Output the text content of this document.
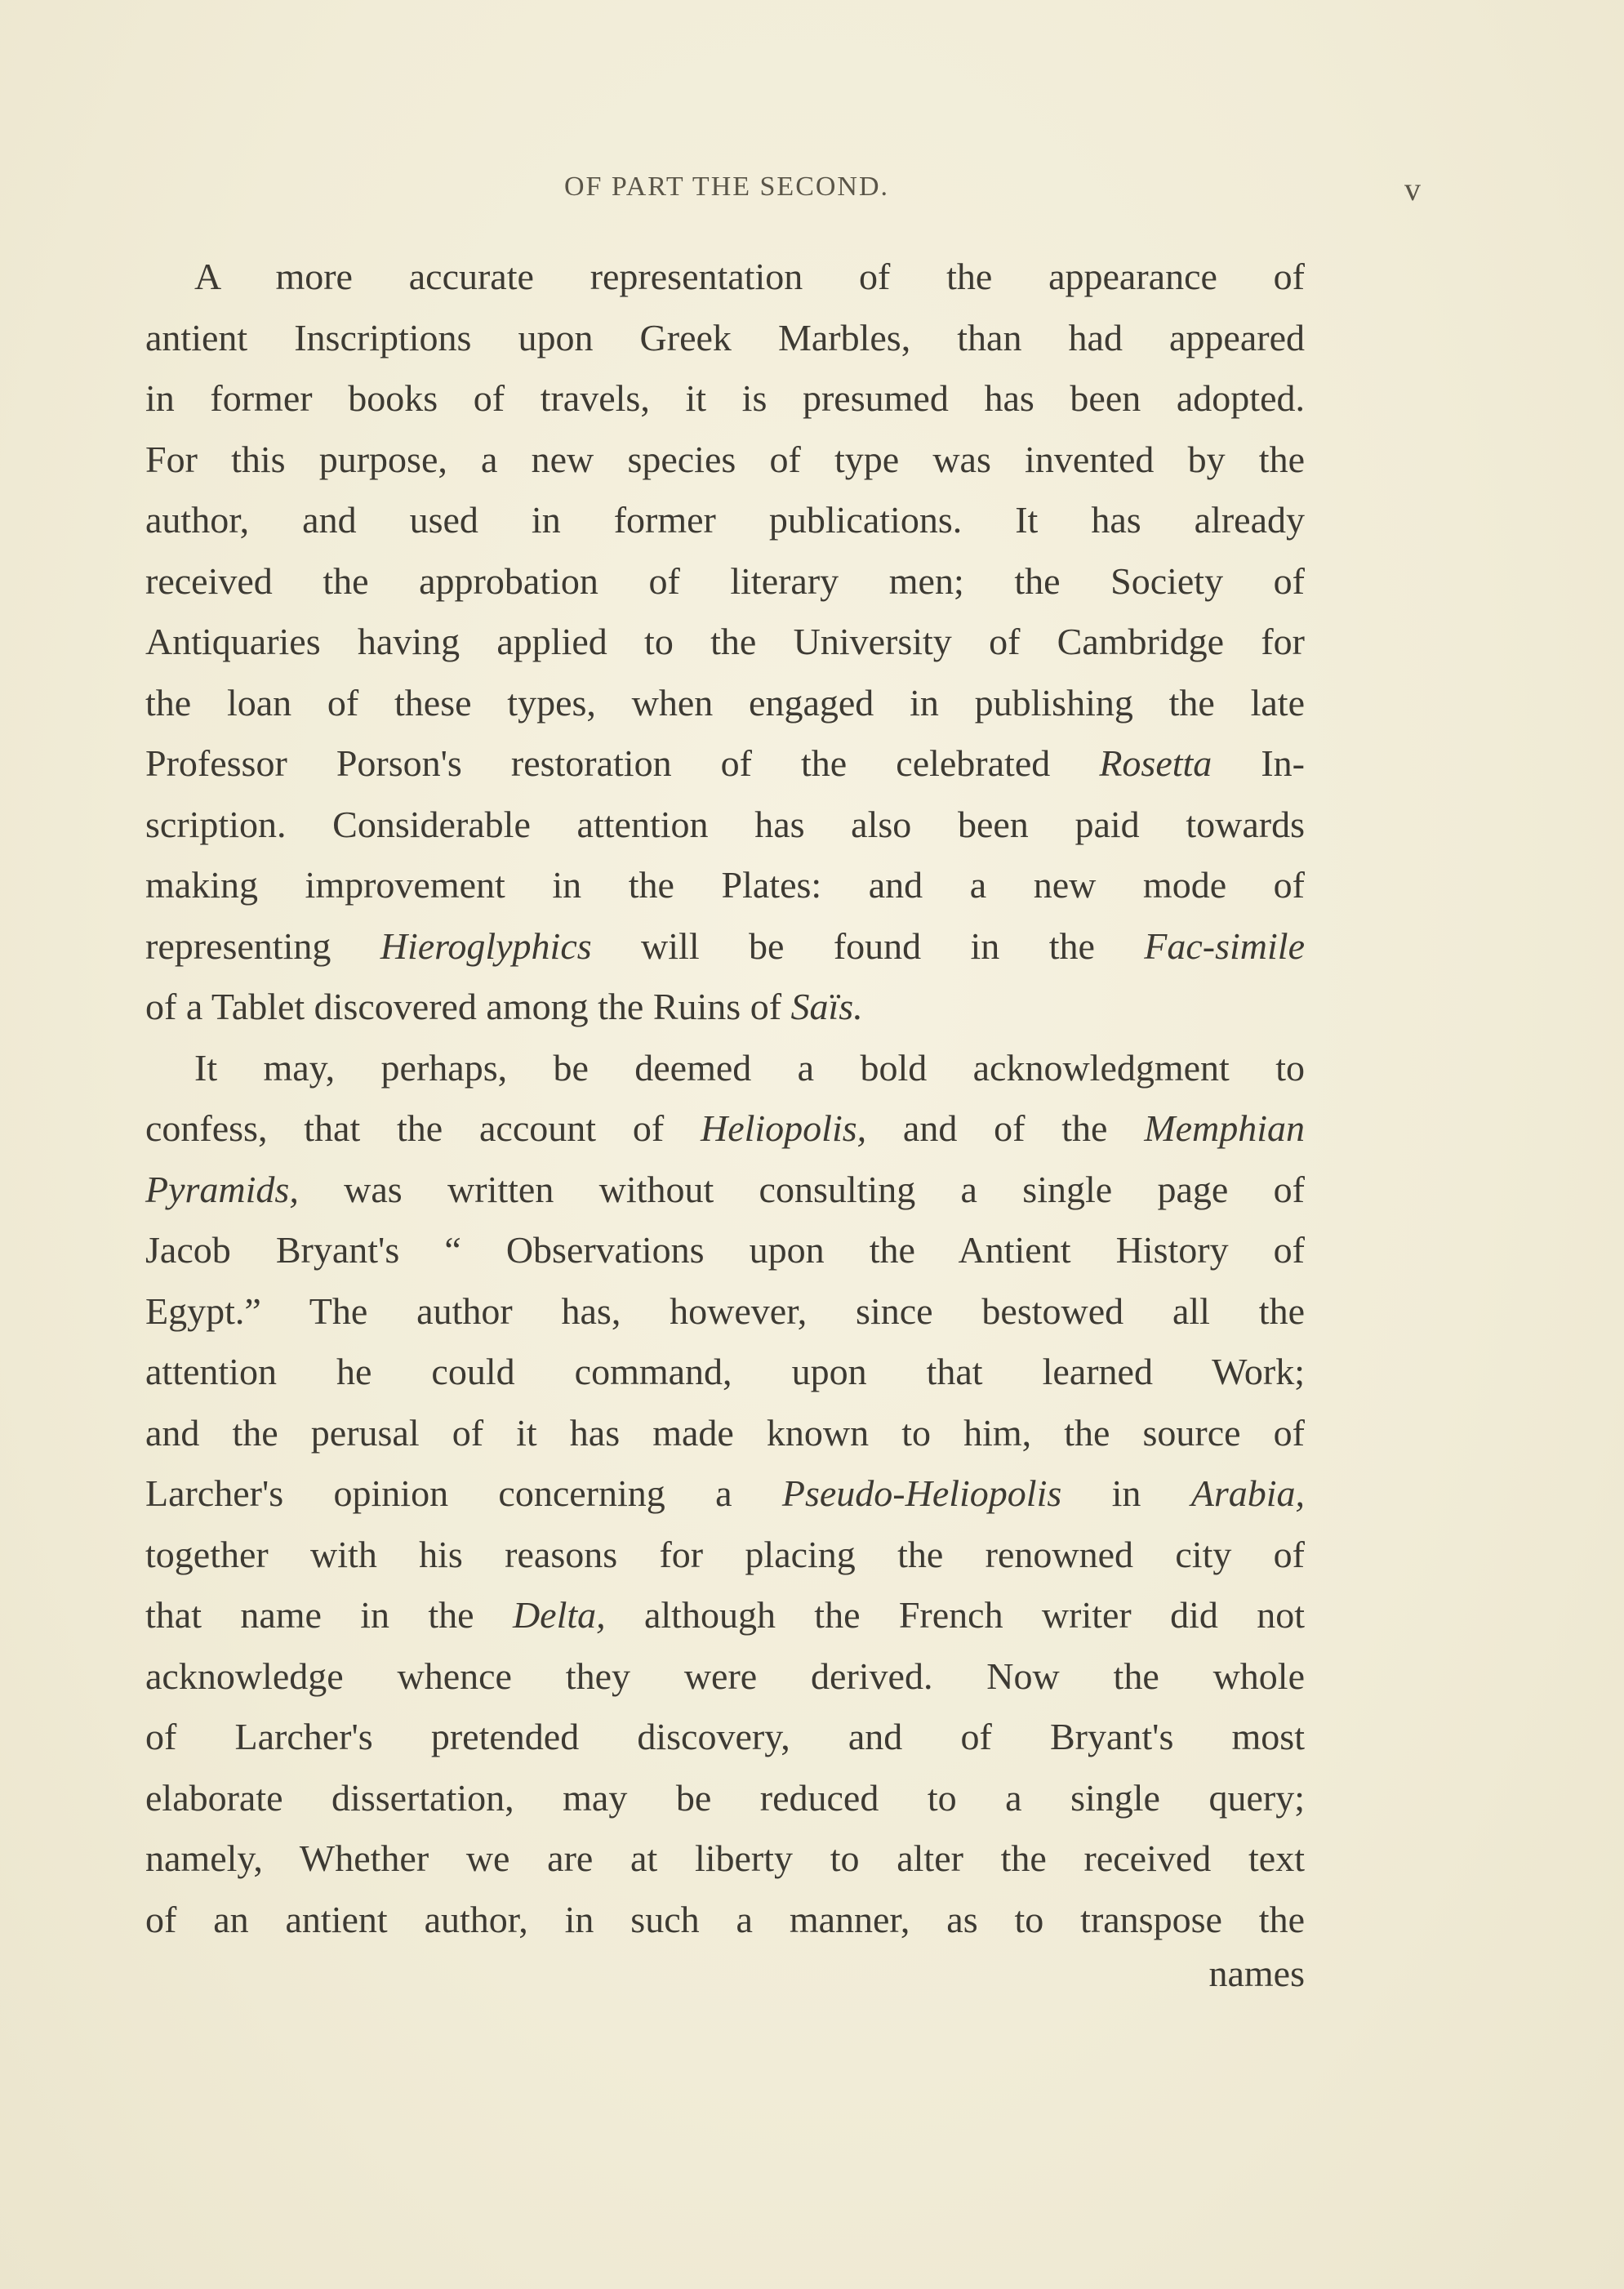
OF PART THE SECOND.	v
A more accurate representation of the appearance of
antient Inscriptions upon Greek Marbles, than had appeared
in former books of travels, it is presumed has been adopted.
For this purpose, a new species of type was invented by the
author, and used in former publications. It has already
received the approbation of literary men; the Society of
Antiquaries having applied to the University of Cambridge for
the loan of these types, when engaged in publishing the late
Professor Porson's restoration of the celebrated Rosetta In-
scription. Considerable attention has also been paid towards
making improvement in the Plates: and a new mode of
representing Hieroglyphics will be found in the Fac-simile
of a Tablet discovered among the Ruins of Saïs.
It may, perhaps, be deemed a bold acknowledgment to
confess, that the account of Heliopolis, and of the Memphian
Pyramids, was written without consulting a single page of
Jacob Bryant's “ Observations upon the Antient History of
Egypt.” The author has, however, since bestowed all the
attention he could command, upon that learned Work;
and the perusal of it has made known to him, the source of
Larcher's opinion concerning a Pseudo-Heliopolis in Arabia,
together with his reasons for placing the renowned city of
that name in the Delta, although the French writer did not
acknowledge whence they were derived. Now the whole
of Larcher's pretended discovery, and of Bryant's most
elaborate dissertation, may be reduced to a single query;
namely, Whether we are at liberty to alter the received text
of an antient author, in such a manner, as to transpose the
names
